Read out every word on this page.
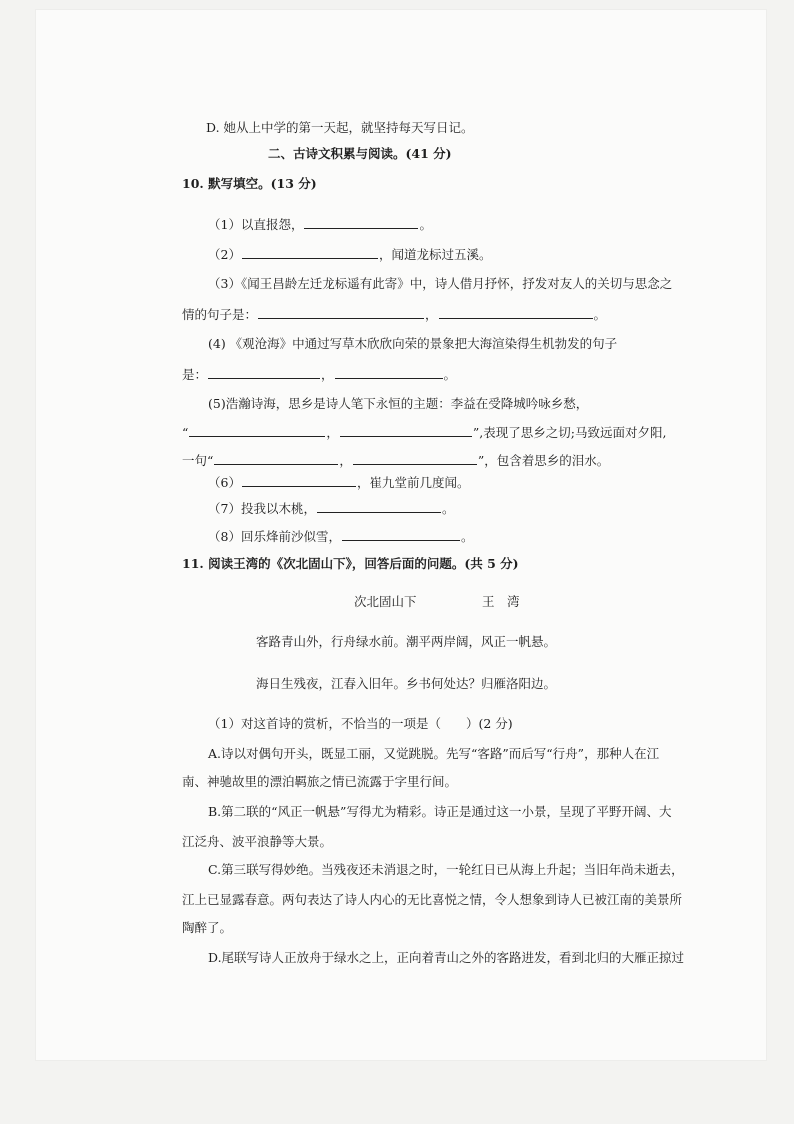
D. 她从上中学的第一天起，就坚持每天写日记。
二、古诗文积累与阅读。(41 分)
10. 默写填空。(13 分)
（1）以直报怨，	。
（2）	，闻道龙标过五溪。
（3）《闻王昌龄左迁龙标遥有此寄》中，诗人借月抒怀，抒发对友人的关切与思念之
情的句子是：	，	。
(4) 《观沧海》中通过写草木欣欣向荣的景象把大海渲染得生机勃发的句子
是：	，	。
(5)浩瀚诗海，思乡是诗人笔下永恒的主题：李益在受降城吟咏乡愁，
“	，	”,表现了思乡之切;马致远面对夕阳,
一句“	，	”，包含着思乡的泪水。
（6）	，崔九堂前几度闻。
（7）投我以木桃，	。
（8）回乐烽前沙似雪，	。
11. 阅读王湾的《次北固山下》，回答后面的问题。(共 5 分)
次北固山下	王　湾
客路青山外，行舟绿水前。潮平两岸阔，风正一帆悬。
海日生残夜，江春入旧年。乡书何处达？归雁洛阳边。
（1）对这首诗的赏析，不恰当的一项是（　　）(2 分)
A.诗以对偶句开头，既显工丽，又觉跳脱。先写“客路”而后写“行舟”，那种人在江
南、神驰故里的漂泊羁旅之情已流露于字里行间。
B.第二联的“风正一帆悬”写得尤为精彩。诗正是通过这一小景，呈现了平野开阔、大
江泛舟、波平浪静等大景。
C.第三联写得妙绝。当残夜还未消退之时，一轮红日已从海上升起；当旧年尚未逝去，
江上已显露春意。两句表达了诗人内心的无比喜悦之情，令人想象到诗人已被江南的美景所
陶醉了。
D.尾联写诗人正放舟于绿水之上，正向着青山之外的客路进发，看到北归的大雁正掠过
